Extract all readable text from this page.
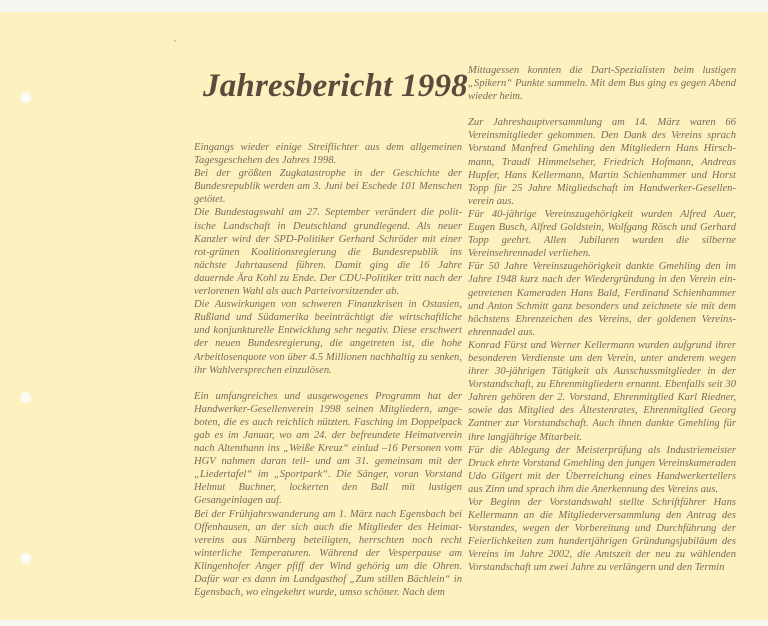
Jahresbericht 1998

Eingangs wieder einige Streiflichter aus dem allgemeinen Tagesgeschehen des Jahres 1998.

Bei der größten Zugkatastrophe in der Geschichte der Bundesrepublik werden am 3. Juni bei Eschede 101 Menschen getötet.

Die Bundestagswahl am 27. September verändert die politische Landschaft in Deutschland grundlegend. Als neuer Kanzler wird der SPD-Politiker Gerhard Schröder mit einer rot-grünen Koalitionsregierung die Bundesrepublik ins nächste Jahrtausend führen. Damit ging die 16 Jahre dauernde Ära Kohl zu Ende. Der CDU-Politiker tritt nach der verlorenen Wahl als auch Parteivorsitzender ab.

Die Auswirkungen von schweren Finanzkrisen in Ostasien, Rußland und Südamerika beeinträchtigt die wirtschaftliche und konjunkturelle Entwicklung sehr negativ. Diese erschwert der neuen Bundesregierung, die angetreten ist, die hohe Arbeitlosenquote von über 4.5 Millionen nachhaltig zu senken, ihr Wahlversprechen einzulösen.

Ein umfangreiches und ausgewogenes Programm hat der Handwerker-Gesellenverein 1998 seinen Mitgliedern, angeboten, die es auch reichlich nützten. Fasching im Doppelpack gab es im Januar, wo am 24. der befreundete Heimatverein nach Altenthann ins „Weiße Kreuz“ einlud –16 Personen vom HGV nahmen daran teil- und am 31. gemeinsam mit der „Liedertafel“ im „Sportpark“. Die Sänger, voran Vorstand Helmut Buchner, lockerten den Ball mit lustigen Gesangeinlagen auf.

Bei der Frühjahrswanderung am 1. März nach Egensbach bei Offenhausen, an der sich auch die Mitglieder des Heimatvereins aus Nürnberg beteiligten, herrschten noch recht winterliche Temperaturen. Während der Vesperpause am Klingenhofer Anger pfiff der Wind gehörig um die Ohren. Dafür war es dann im Landgasthof „Zum stillen Bächlein“ in Egensbach, wo eingekehrt wurde, umso schöner. Nach dem

Mittagessen konnten die Dart-Spezialisten beim lustigen „Spikern“ Punkte sammeln. Mit dem Bus ging es gegen Abend wieder heim.

Zur Jahreshauptversammlung am 14. März waren 66 Vereinsmitglieder gekommen. Den Dank des Vereins sprach Vorstand Manfred Gmehling den Mitgliedern Hans Hirschmann, Traudl Himmelseher, Friedrich Hofmann, Andreas Hupfer, Hans Kellermann, Martin Schienhammer und Horst Topp für 25 Jahre Mitgliedschaft im Handwerker-Gesellenverein aus.

Für 40-jährige Vereinszugehörigkeit wurden Alfred Auer, Eugen Busch, Alfred Goldstein, Wolfgang Rösch und Gerhard Topp geehrt. Allen Jubilaren wurden die silberne Vereinsehrennadel verliehen.

Für 50 Jahre Vereinszugehörigkeit dankte Gmehling den im Jahre 1948 kurz nach der Wiedergründung in den Verein eingetretenen Kameraden Hans Bald, Ferdinand Schienhammer und Anton Schmitt ganz besonders und zeichnete sie mit dem höchstens Ehrenzeichen des Vereins, der goldenen Vereinsehrennadel aus.

Konrad Fürst und Werner Kellermann wurden aufgrund ihrer besonderen Verdienste um den Verein, unter anderem wegen ihrer 30-jährigen Tätigkeit als Ausschussmitglieder in der Vorstandschaft, zu Ehrenmitgliedern ernannt. Ebenfalls seit 30 Jahren gehören der 2. Vorstand, Ehrenmitglied Karl Riedner, sowie das Mitglied des Ältestenrates, Ehrenmitglied Georg Zantner zur Vorstandschaft. Auch ihnen dankte Gmehling für ihre langjährige Mitarbeit.

Für die Ablegung der Meisterprüfung als Industriemeister Druck ehrte Vorstand Gmehling den jungen Vereinskameraden Udo Gilgert mit der Überreichung eines Handwerkertellers aus Zinn und sprach ihm die Anerkennung des Vereins aus.

Vor Beginn der Vorstandswahl stellte Schriftführer Hans Kellermann an die Mitgliederversammlung den Antrag des Vorstandes, wegen der Vorbereitung und Durchführung der Feierlichkeiten zum hundertjährigen Gründungsjubiläum des Vereins im Jahre 2002, die Amtszeit der neu zu wählenden Vorstandschaft um zwei Jahre zu verlängern und den Termin
